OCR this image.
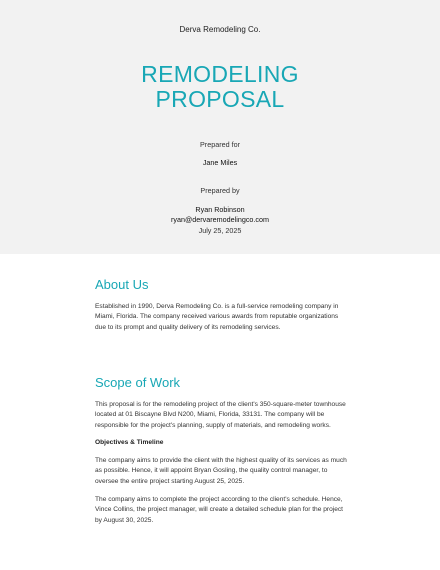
Derva Remodeling Co.
REMODELING
PROPOSAL
Prepared for
Jane Miles
Prepared by
Ryan Robinson
ryan@dervaremodelingco.com
July 25, 2025
About Us
Established in 1990, Derva Remodeling Co. is a full-service remodeling company in Miami, Florida. The company received various awards from reputable organizations due to its prompt and quality delivery of its remodeling services.
Scope of Work
This proposal is for the remodeling project of the client's 350-square-meter townhouse located at 01 Biscayne Blvd N200, Miami, Florida, 33131. The company will be responsible for the project's planning, supply of materials, and remodeling works.
Objectives & Timeline
The company aims to provide the client with the highest quality of its services as much as possible. Hence, it will appoint Bryan Gosling, the quality control manager, to oversee the entire project starting August 25, 2025.
The company aims to complete the project according to the client's schedule. Hence, Vince Collins, the project manager, will create a detailed schedule plan for the project by August 30, 2025.
